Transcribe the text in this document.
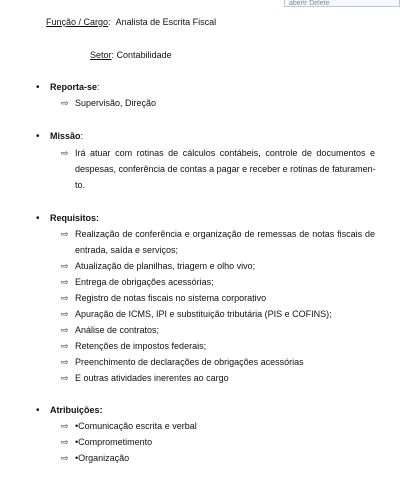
abertr Delete
Função / Cargo: Analista de Escrita Fiscal
Setor: Contabilidade
• Reporta-se:
⇨ Supervisão, Direção
• Missão:
⇨ Irá atuar com rotinas de cálculos contábeis, controle de documentos e
despesas, conferência de contas a pagar e receber e rotinas de faturamen-
to.
• Requisitos:
⇨ Realização de conferência e organização de remessas de notas fiscais de
entrada, saída e serviços;
⇨ Atualização de planilhas, triagem e olho vivo;
⇨ Entrega de obrigações acessórias;
⇨ Registro de notas fiscais no sistema corporativo
⇨ Apuração de ICMS, IPI e substituição tributária (PIS e COFINS);
⇨ Análise de contratos;
⇨ Retenções de impostos federais;
⇨ Preenchimento de declarações de obrigações acessórias
⇨ E outras atividades inerentes ao cargo
• Atribuições:
⇨ •Comunicação escrita e verbal
⇨ •Comprometimento
⇨ •Organização
